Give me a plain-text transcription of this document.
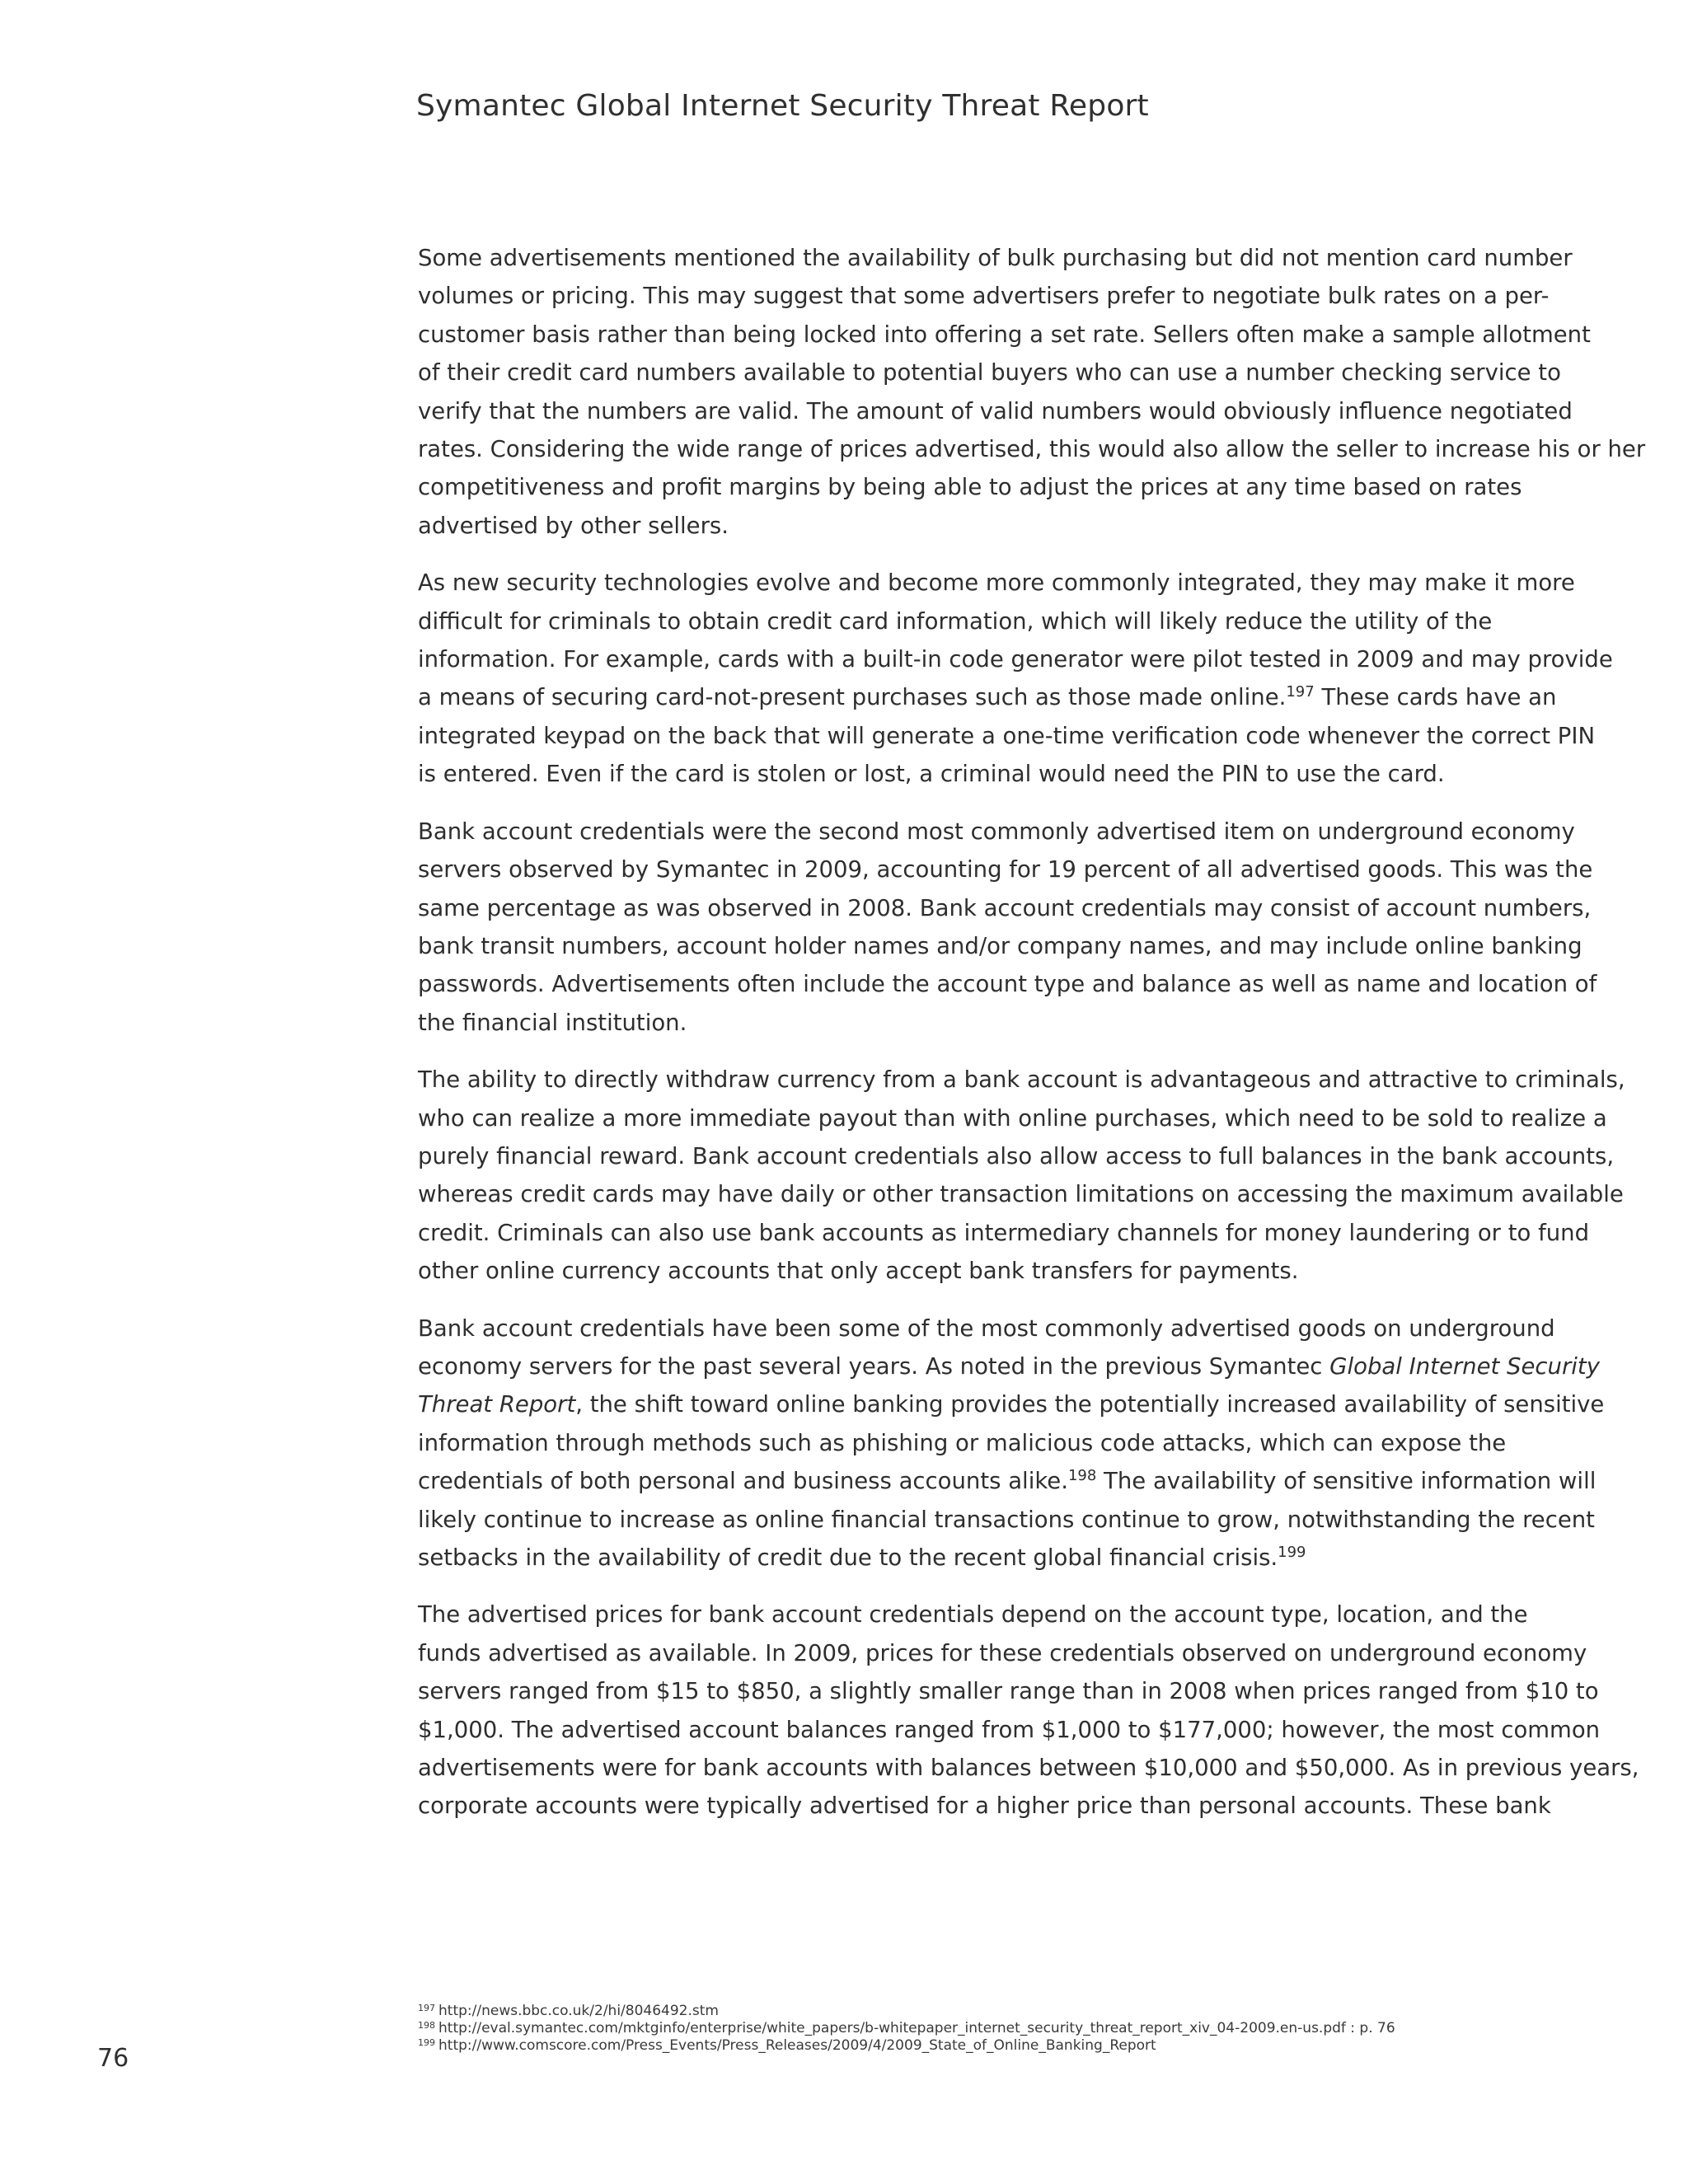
Symantec Global Internet Security Threat Report

Some advertisements mentioned the availability of bulk purchasing but did not mention card number
volumes or pricing. This may suggest that some advertisers prefer to negotiate bulk rates on a per-
customer basis rather than being locked into offering a set rate. Sellers often make a sample allotment
of their credit card numbers available to potential buyers who can use a number checking service to
verify that the numbers are valid. The amount of valid numbers would obviously influence negotiated
rates. Considering the wide range of prices advertised, this would also allow the seller to increase his or her
competitiveness and profit margins by being able to adjust the prices at any time based on rates
advertised by other sellers.

As new security technologies evolve and become more commonly integrated, they may make it more
difficult for criminals to obtain credit card information, which will likely reduce the utility of the
information. For example, cards with a built-in code generator were pilot tested in 2009 and may provide
a means of securing card-not-present purchases such as those made online.$^{197}$ These cards have an
integrated keypad on the back that will generate a one-time verification code whenever the correct PIN
is entered. Even if the card is stolen or lost, a criminal would need the PIN to use the card.

Bank account credentials were the second most commonly advertised item on underground economy
servers observed by Symantec in 2009, accounting for 19 percent of all advertised goods. This was the
same percentage as was observed in 2008. Bank account credentials may consist of account numbers,
bank transit numbers, account holder names and/or company names, and may include online banking
passwords. Advertisements often include the account type and balance as well as name and location of
the financial institution.

The ability to directly withdraw currency from a bank account is advantageous and attractive to criminals,
who can realize a more immediate payout than with online purchases, which need to be sold to realize a
purely financial reward. Bank account credentials also allow access to full balances in the bank accounts,
whereas credit cards may have daily or other transaction limitations on accessing the maximum available
credit. Criminals can also use bank accounts as intermediary channels for money laundering or to fund
other online currency accounts that only accept bank transfers for payments.

Bank account credentials have been some of the most commonly advertised goods on underground
economy servers for the past several years. As noted in the previous Symantec Global Internet Security
Threat Report, the shift toward online banking provides the potentially increased availability of sensitive
information through methods such as phishing or malicious code attacks, which can expose the
credentials of both personal and business accounts alike.$^{198}$ The availability of sensitive information will
likely continue to increase as online financial transactions continue to grow, notwithstanding the recent
setbacks in the availability of credit due to the recent global financial crisis.$^{199}$

The advertised prices for bank account credentials depend on the account type, location, and the
funds advertised as available. In 2009, prices for these credentials observed on underground economy
servers ranged from $15 to $850, a slightly smaller range than in 2008 when prices ranged from $10 to
$1,000. The advertised account balances ranged from $1,000 to $177,000; however, the most common
advertisements were for bank accounts with balances between $10,000 and $50,000. As in previous years,
corporate accounts were typically advertised for a higher price than personal accounts. These bank

$^{197}$ http://news.bbc.co.uk/2/hi/8046492.stm
$^{198}$ http://eval.symantec.com/mktginfo/enterprise/white_papers/b-whitepaper_internet_security_threat_report_xiv_04-2009.en-us.pdf : p. 76
$^{199}$ http://www.comscore.com/Press_Events/Press_Releases/2009/4/2009_State_of_Online_Banking_Report
76
